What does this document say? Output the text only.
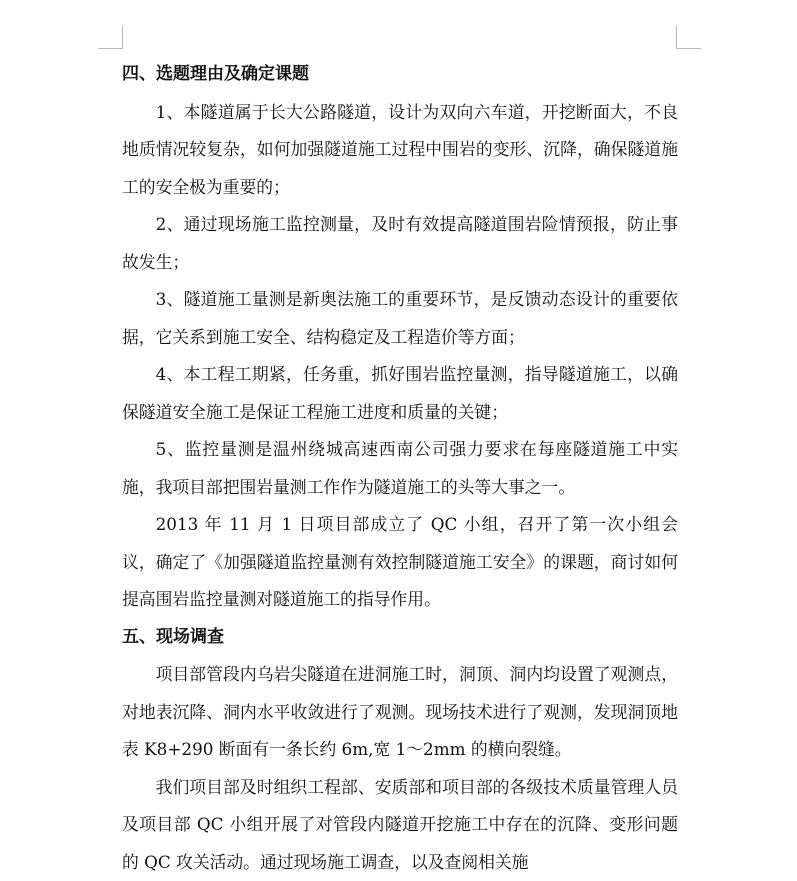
四、选题理由及确定课题

1、本隧道属于长大公路隧道，设计为双向六车道，开挖断面大，不良地质情况较复杂，如何加强隧道施工过程中围岩的变形、沉降，确保隧道施工的安全极为重要的；

2、通过现场施工监控测量，及时有效提高隧道围岩险情预报，防止事故发生；

3、隧道施工量测是新奥法施工的重要环节，是反馈动态设计的重要依据，它关系到施工安全、结构稳定及工程造价等方面；

4、本工程工期紧，任务重，抓好围岩监控量测，指导隧道施工，以确保隧道安全施工是保证工程施工进度和质量的关键；

5、监控量测是温州绕城高速西南公司强力要求在每座隧道施工中实施，我项目部把围岩量测工作作为隧道施工的头等大事之一。

2013 年 11 月 1 日项目部成立了 QC 小组，召开了第一次小组会议，确定了《加强隧道监控量测有效控制隧道施工安全》的课题，商讨如何提高围岩监控量测对隧道施工的指导作用。

五、现场调查

项目部管段内乌岩尖隧道在进洞施工时，洞顶、洞内均设置了观测点，对地表沉降、洞内水平收敛进行了观测。现场技术进行了观测，发现洞顶地表 K8+290 断面有一条长约 6m,宽 1～2mm 的横向裂缝。

我们项目部及时组织工程部、安质部和项目部的各级技术质量管理人员及项目部 QC 小组开展了对管段内隧道开挖施工中存在的沉降、变形问题的 QC 攻关活动。通过现场施工调查，以及查阅相关施
